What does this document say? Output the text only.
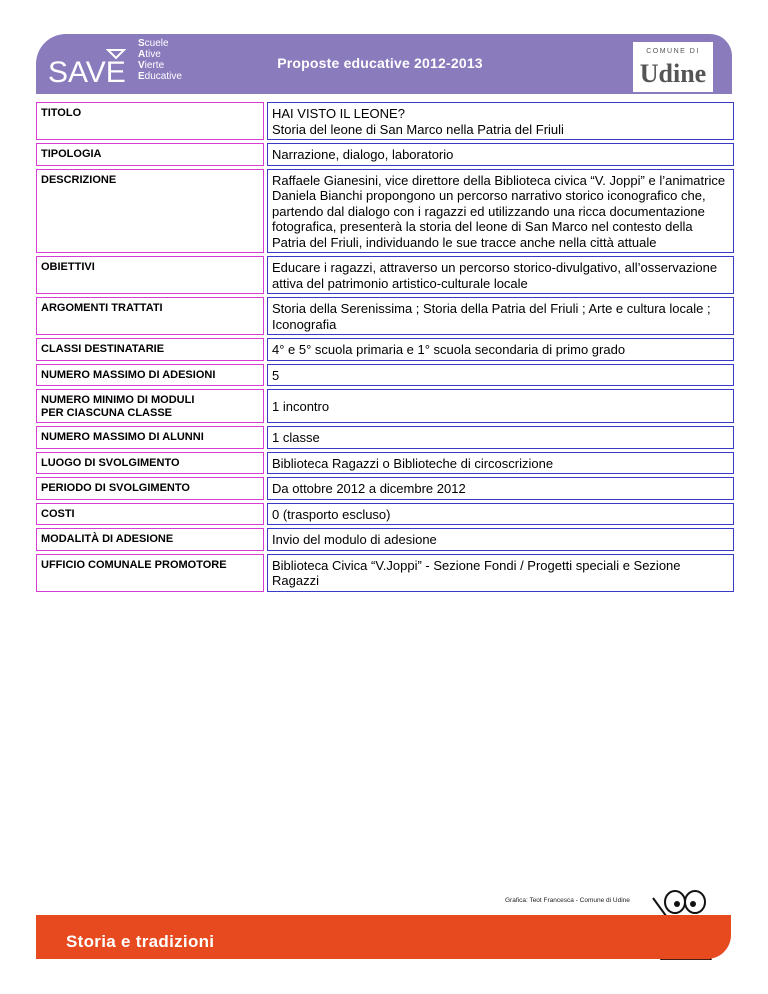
SAVE
Scuele
Ative
Vierte
Educative
Proposte educative 2012-2013
COMUNE DI
Udine
TITOLO	HAI VISTO IL LEONE?
Storia del leone di San Marco nella Patria del Friuli
TIPOLOGIA	Narrazione, dialogo, laboratorio
DESCRIZIONE	Raffaele Gianesini, vice direttore della Biblioteca civica “V. Joppi” e l’animatrice Daniela Bianchi propongono un percorso narrativo storico iconografico che, partendo dal dialogo con i ragazzi ed utilizzando una ricca documentazione fotografica, presenterà la storia del leone di San Marco nel contesto della Patria del Friuli, individuando le sue tracce anche nella città attuale
OBIETTIVI	Educare i ragazzi, attraverso un percorso storico-divulgativo, all’osservazione attiva del patrimonio artistico-culturale locale
ARGOMENTI TRATTATI	Storia della Serenissima ; Storia della Patria del Friuli ; Arte e cultura locale ; Iconografia
CLASSI DESTINATARIE	4° e 5° scuola primaria e 1° scuola secondaria di primo grado
NUMERO MASSIMO DI ADESIONI	5
NUMERO MINIMO DI MODULI
PER CIASCUNA CLASSE	1 incontro
NUMERO MASSIMO DI ALUNNI	1 classe
LUOGO DI SVOLGIMENTO	Biblioteca Ragazzi o Biblioteche di circoscrizione
PERIODO DI SVOLGIMENTO	Da ottobre 2012 a dicembre 2012
COSTI	0 (trasporto escluso)
MODALITÀ DI ADESIONE	Invio del modulo di adesione
UFFICIO COMUNALE PROMOTORE	Biblioteca Civica “V.Joppi” - Sezione Fondi / Progetti speciali e Sezione Ragazzi
Grafica: Teot Francesca - Comune di Udine
Storia e tradizioni
